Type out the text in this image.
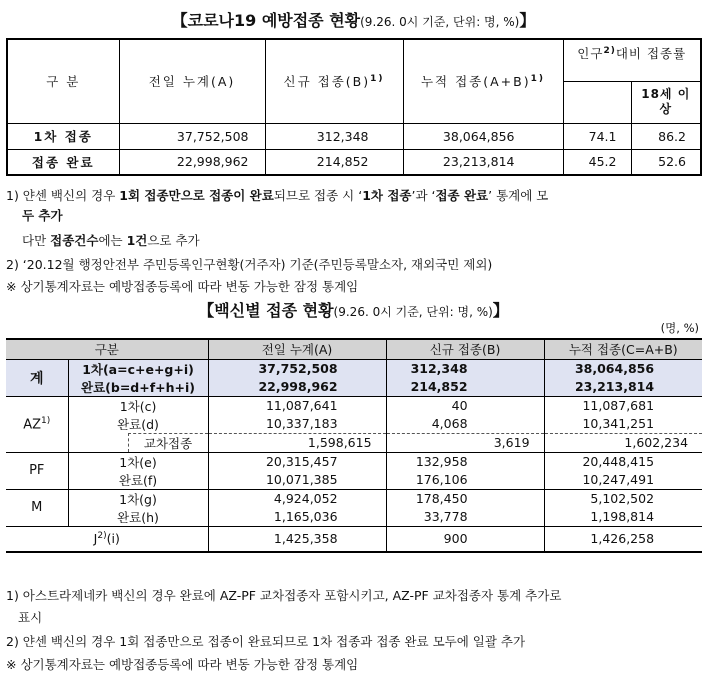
【코로나19 예방접종 현황(9.26. 0시 기준, 단위: 명, %)】
구 분	전일 누계(A)	신규 접종$(B)^{1)}$	누적 접종$(A+B)^{1)}$	인구$^{2)}$대비 접종률	
					18세 이상
1차 접종	37,752,508	312,348	38,064,856	74.1	86.2
접종 완료	22,998,962	214,852	23,213,814	45.2	52.6
1) 얀센 백신의 경우 1회 접종만으로 접종이 완료되므로 접종 시 ‘1차 접종’과 ‘접종 완료’ 통계에 모
두 추가
다만 접종건수에는 1건으로 추가
2) ‘20.12월 행정안전부 주민등록인구현황(거주자) 기준(주민등록말소자, 재외국민 제외)
※ 상기통계자료는 예방접종등록에 따라 변동 가능한 잠정 통계임
【백신별 접종 현황(9.26. 0시 기준, 단위: 명, %)】
(명, %)
구분			전일 누계(A)	신규 접종(B)	누적 접종(C=A+B)
계	1차(a=c+e+g+i)		37,752,508	312,348	38,064,856
	완료(b=d+f+h+i)		22,998,962	214,852	23,213,814
AZ$^{1)}$	1차(c)		11,087,641	40	11,087,681
	완료(d)		10,337,183	4,068	10,341,251
		교차접종	1,598,615	3,619	1,602,234
PF	1차(e)		20,315,457	132,958	20,448,415
	완료(f)		10,071,385	176,106	10,247,491
M	1차(g)		4,924,052	178,450	5,102,502
	완료(h)		1,165,036	33,778	1,198,814
$J^{2)}(i)$			1,425,358	900	1,426,258
1) 아스트라제네카 백신의 경우 완료에 AZ-PF 교차접종자 포함시키고, AZ-PF 교차접종자 통계 추가로
표시
2) 얀센 백신의 경우 1회 접종만으로 접종이 완료되므로 1차 접종과 접종 완료 모두에 일괄 추가
※ 상기통계자료는 예방접종등록에 따라 변동 가능한 잠정 통계임
